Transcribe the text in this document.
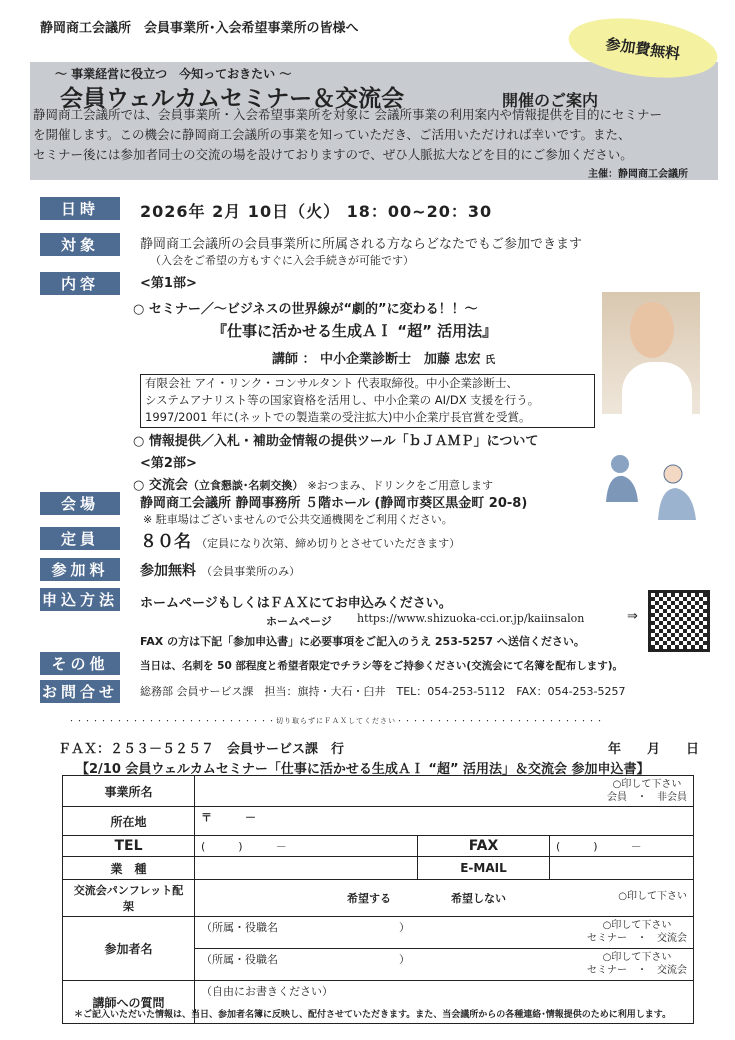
静岡商工会議所　会員事業所･入会希望事業所の皆様へ
参加費無料
～ 事業経営に役立つ　今知っておきたい ～
会員ウェルカムセミナー＆交流会	開催のご案内
静岡商工会議所では、会員事業所・入会希望事業所を対象に 会議所事業の利用案内や情報提供を目的にセミナー
を開催します。この機会に静岡商工会議所の事業を知っていただき、ご活用いただければ幸いです。また、
セミナー後には参加者同士の交流の場を設けておりますので、ぜひ人脈拡大などを目的にご参加ください。
主催：静岡商工会議所
日時	2026年 2月 10日（火） 18：00~20：30
対象	静岡商工会議所の会員事業所に所属される方ならどなたでもご参加できます
（入会をご希望の方もすぐに入会手続きが可能です）
内容	<第1部>
○ セミナー／～ビジネスの世界線が“劇的”に変わる！！～
『仕事に活かせる生成ＡＩ “超” 活用法』
講師 ： 中小企業診断士　加藤 忠宏 氏
有限会社 アイ・リンク・コンサルタント 代表取締役。中小企業診断士、
システムアナリスト等の国家資格を活用し、中小企業の AI/DX 支援を行う。
1997/2001 年に(ネットでの製造業の受注拡大)中小企業庁長官賞を受賞。
○ 情報提供／入札・補助金情報の提供ツール「ｂＪＡＭＰ」について
<第2部>
○ 交流会（立食懇談･名刺交換） ※おつまみ、ドリンクをご用意します
会場	静岡商工会議所 静岡事務所 ５階ホール (静岡市葵区黒金町 20-8)
※ 駐車場はございませんので公共交通機関をご利用ください。
定員	８０名 （定員になり次第、締め切りとさせていただきます）
参加料	参加無料 （会員事業所のみ）
申込方法 ホームページもしくはＦＡＸにてお申込みください。
ホームページ https://www.shizuoka-cci.or.jp/kaiinsalon	⇒
FAX の方は下記「参加申込書」に必要事項をご記入のうえ 253-5257 へ送信ください。
その他	当日は、名刺を 50 部程度と希望者限定でチラシ等をご持参ください(交流会にて名簿を配布します)。
お問合せ 総務部 会員サービス課　担当：旗持・大石・臼井　TEL：054-253-5112　FAX：054-253-5257
・・・・・・・・・・・・・・・・・・・・・・・・・・切り取らずにＦＡＸしてください・・・・・・・・・・・・・・・・・・・・・・・・・・
ＦＡＸ：２５３－５２５７　会員サービス課　行	年　　月　　日
【2/10 会員ウェルカムセミナー「仕事に活かせる生成ＡＩ “超” 活用法」＆交流会 参加申込書】
事業所名	○印して下さい
会員　・　非会員		

所在地	〒　　　－		
TEL	(　　　)　　　－	FAX	(　　　)　　　－
業　種		E-MAIL	
交流会パンフレット配架	希望する 希望しない ○印して下さい		

参加者名	（所属・役職名　　　　　　　　　　　） ○印して下さい
セミナー　・　交流会		

	（所属・役職名　　　　　　　　　　　） ○印して下さい
セミナー　・　交流会		

講師への質問	（自由にお書きください）		
＊ご記入いただいた情報は、当日、参加者名簿に反映し、配付させていただきます。また、当会議所からの各種連絡･情報提供のために利用します。
